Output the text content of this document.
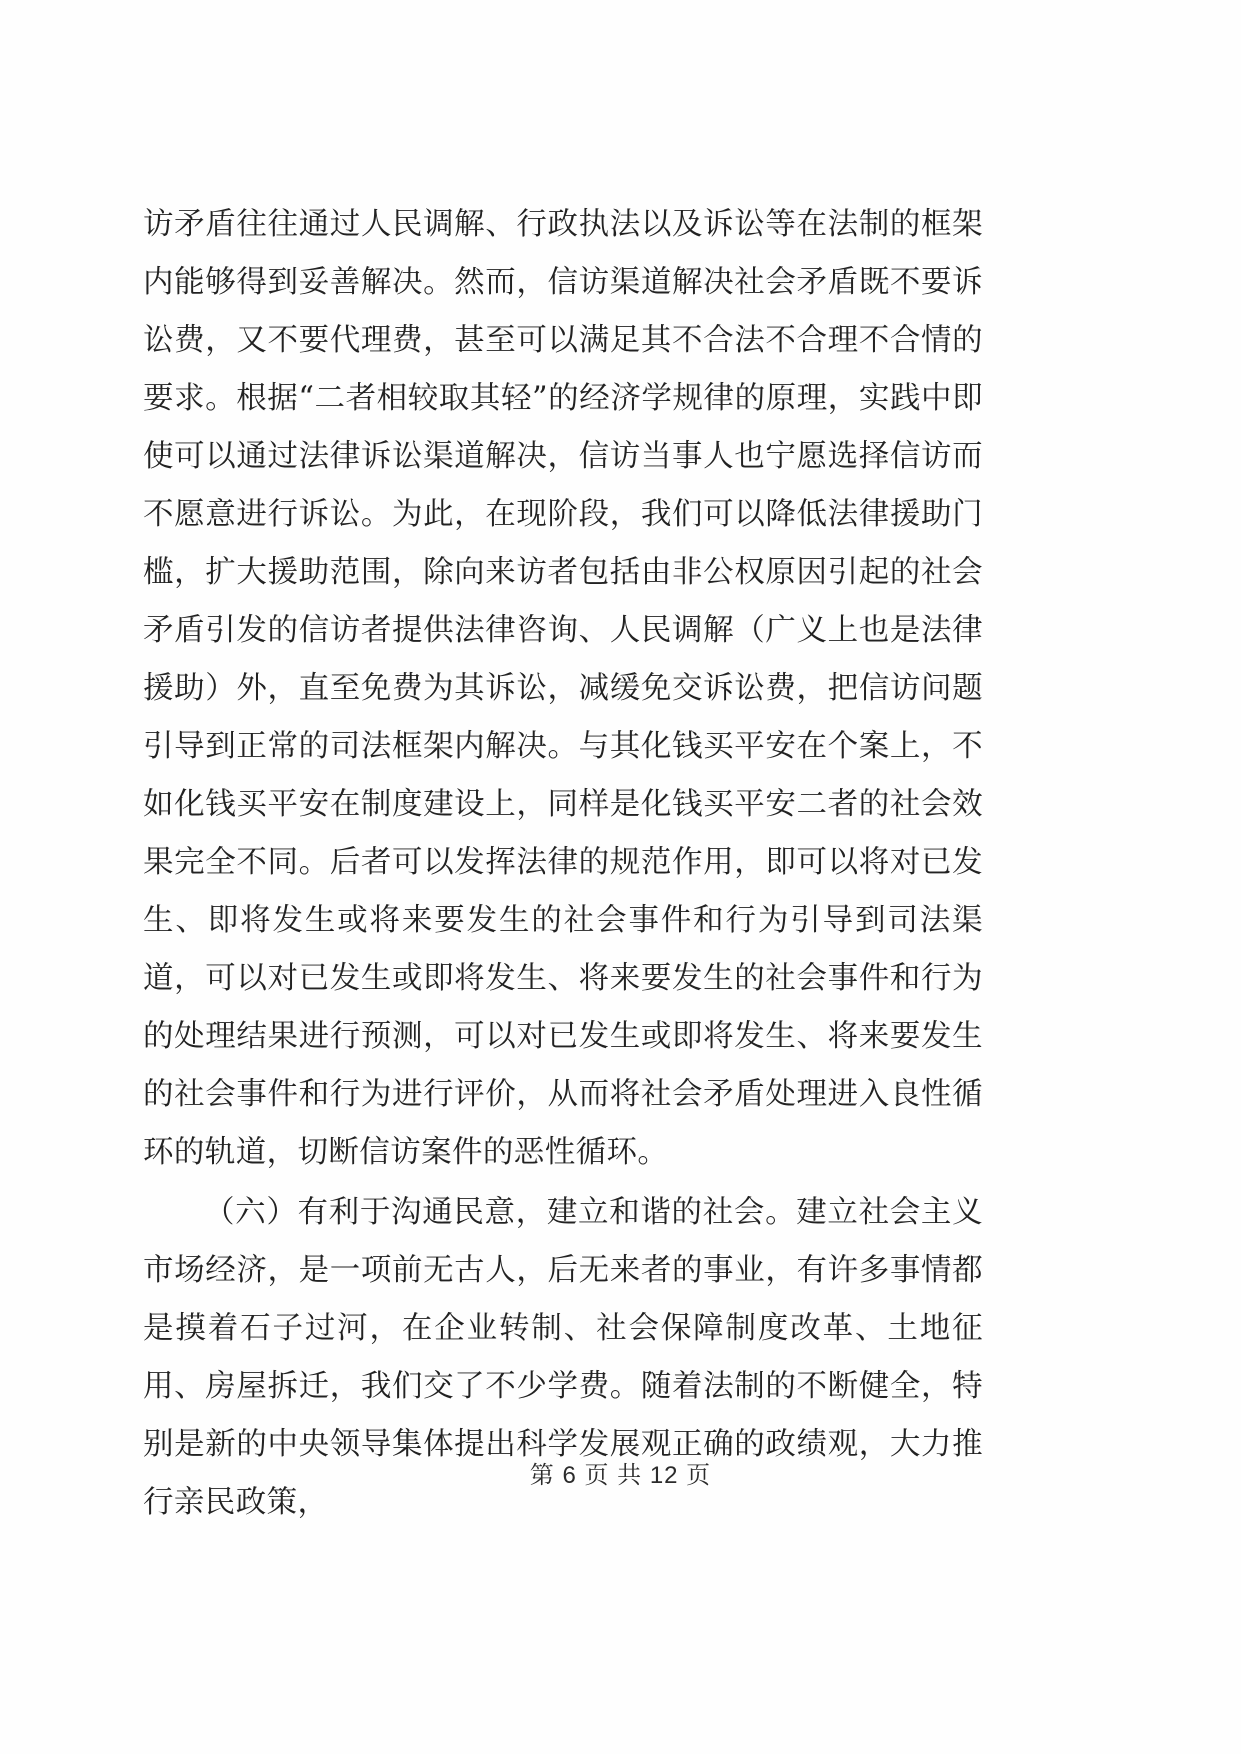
访矛盾往往通过人民调解、行政执法以及诉讼等在法制的框架内能够得到妥善解决。然而，信访渠道解决社会矛盾既不要诉讼费，又不要代理费，甚至可以满足其不合法不合理不合情的要求。根据“二者相较取其轻”的经济学规律的原理，实践中即使可以通过法律诉讼渠道解决，信访当事人也宁愿选择信访而不愿意进行诉讼。为此，在现阶段，我们可以降低法律援助门槛，扩大援助范围，除向来访者包括由非公权原因引起的社会矛盾引发的信访者提供法律咨询、人民调解（广义上也是法律援助）外，直至免费为其诉讼，减缓免交诉讼费，把信访问题引导到正常的司法框架内解决。与其化钱买平安在个案上，不如化钱买平安在制度建设上，同样是化钱买平安二者的社会效果完全不同。后者可以发挥法律的规范作用，即可以将对已发生、即将发生或将来要发生的社会事件和行为引导到司法渠道，可以对已发生或即将发生、将来要发生的社会事件和行为的处理结果进行预测，可以对已发生或即将发生、将来要发生的社会事件和行为进行评价，从而将社会矛盾处理进入良性循环的轨道，切断信访案件的恶性循环。

（六）有利于沟通民意，建立和谐的社会。建立社会主义市场经济，是一项前无古人，后无来者的事业，有许多事情都是摸着石子过河，在企业转制、社会保障制度改革、土地征用、房屋拆迁，我们交了不少学费。随着法制的不断健全，特别是新的中央领导集体提出科学发展观正确的政绩观，大力推行亲民政策，

第 6 页 共 12 页
